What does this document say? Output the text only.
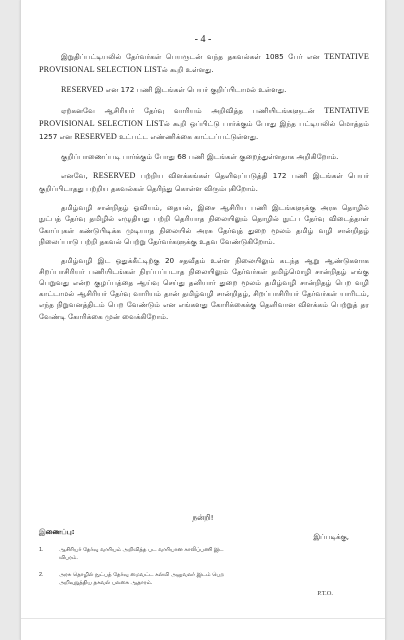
- 4 -

இறுதிப்பட்டியலில் தேர்வர்கள் பெயருடன் வந்த தகவல்கள் 1085 பேர் என TENTATIVE PROVISIONAL SELECTION LISTல் கூறி உள்ளது.

RESERVED என 172 பணி இடங்கள் பெயர் குறிப்பிடாமல் உள்ளது.

ஏற்கனவே ஆசிரியர் தேர்வு வாரியம் அறிவித்த பணியிடங்களுடன் TENTATIVE PROVISIONAL SELECTION LISTல் கூறி ஒப்பிட்டு பார்க்கும் போது இந்த பட்டியலில் மொத்தம் 1257 என RESERVED உட்பட்ட எண்ணிக்கை காட்டப்பட்டுள்ளது.

குறிப்பாணைப்படி பார்க்கும் போது 68 பணி இடங்கள் குறைந்துள்ளதாக அறிகிறோம்.

எனவே, RESERVED பற்றிய விளக்கங்கள் தெளிவுப்படுத்தி 172 பணி இடங்கள் பெயர் குறிப்பிடாதது பற்றிய தகவல்கள் தெரிந்து கொள்ள விரும்புகிறோம்.

தமிழ்வழி சான்றிதழ் ஓவியம், தையல், இசை ஆசிரிய பணி இடங்களுக்கு அரசு தொழில் நுட்பத் தேர்வு தமிழில் எழுதியது பற்றி தெரியாத நிலையிலும் தொழில் நுட்ப தேர்வு விடைத்தாள் கோப்புகள் கண்டுபிடிக்க முடியாத நிலையில் அரசு தேர்வுத் துறை மூலம் தமிழ் வழி சான்றிதழ் நிலைப்பாடு பற்றி தகவல் பெற்று தேர்வர்களுக்கு உதவ வேண்டுகிறோம்.

தமிழ்வழி இட ஒதுக்கீட்டிற்கு 20 சதவீதம் உள்ள நிலையிலும் கடந்த ஆறு ஆண்டுகளாக சிறப்பாசிரியர் பணியிடங்கள் நிரப்பப்படாத நிலையிலும் தேர்வர்கள் தமிழ்மொழி சான்றிதழ் எங்கு பெறுவது என்ற குழப்பத்தை ஆய்வு செய்து தனியார் துறை மூலம் தமிழ்வழி சான்றிதழ் பெற வழி காட்டாமல் ஆசிரியர் தேர்வு வாரியம் தான் தமிழ்வழி சான்றிதழ், சிறப்பாசிரியர் தேர்வர்கள் யாரிடம், எந்த நிறுவனத்திடம் பெற வேண்டும் என எங்களது கோரிக்கைக்கு தெளிவான விளக்கம் பெற்றுத் தர வேண்டி கோரிக்கை முன் வைக்கிறோம்.

நன்றி!
இணைப்பு:
இப்படிக்கு,
1.	ஆசிரியர் தேர்வு வாரியம் அறிவித்த பட வாரியான காலிப்பணி இட விபரம்.
2.	அரசு தொழில் நுட்பத் தேர்வு மைவட்ட கல்வி அலுவலர் இடம் பெற அறிவுறுத்திய தகவல் பலகை ஆதாரம்.
P.T.O.
